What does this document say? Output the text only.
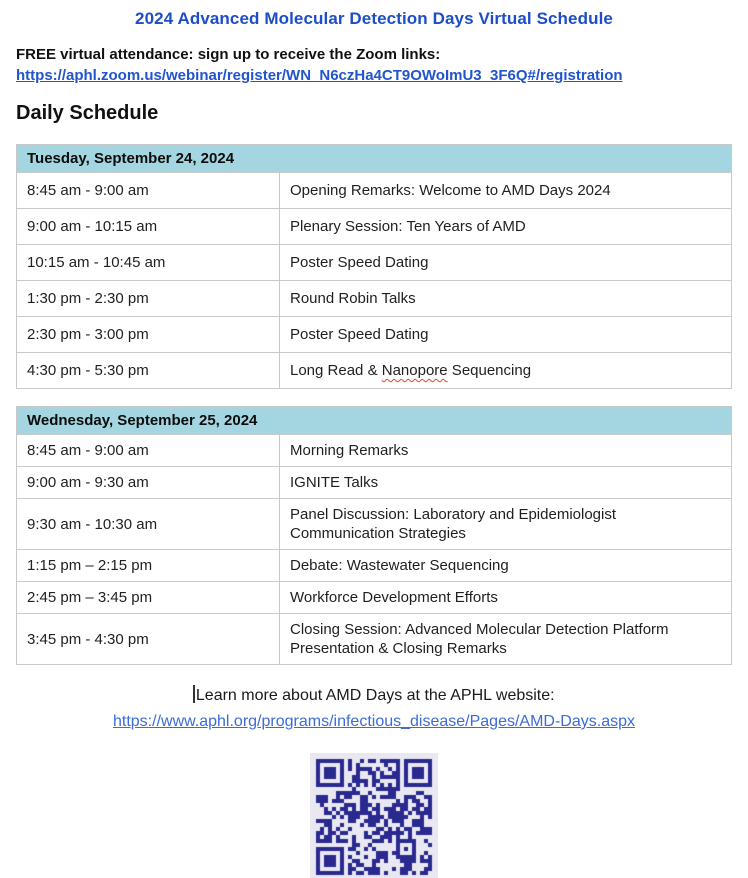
2024 Advanced Molecular Detection Days Virtual Schedule
FREE virtual attendance: sign up to receive the Zoom links:
https://aphl.zoom.us/webinar/register/WN_N6czHa4CT9OWoImU3_3F6Q#/registration
Daily Schedule
Tuesday, September 24, 2024	
8:45 am - 9:00 am	Opening Remarks: Welcome to AMD Days 2024
9:00 am - 10:15 am	Plenary Session: Ten Years of AMD
10:15 am - 10:45 am	Poster Speed Dating
1:30 pm - 2:30 pm	Round Robin Talks
2:30 pm - 3:00 pm	Poster Speed Dating
4:30 pm - 5:30 pm	Long Read & Nanopore Sequencing
Wednesday, September 25, 2024	
8:45 am - 9:00 am	Morning Remarks
9:00 am - 9:30 am	IGNITE Talks
9:30 am - 10:30 am	Panel Discussion: Laboratory and Epidemiologist Communication Strategies
1:15 pm – 2:15 pm	Debate: Wastewater Sequencing
2:45 pm – 3:45 pm	Workforce Development Efforts
3:45 pm - 4:30 pm	Closing Session: Advanced Molecular Detection Platform Presentation & Closing Remarks
Learn more about AMD Days at the APHL website:
https://www.aphl.org/programs/infectious_disease/Pages/AMD-Days.aspx
